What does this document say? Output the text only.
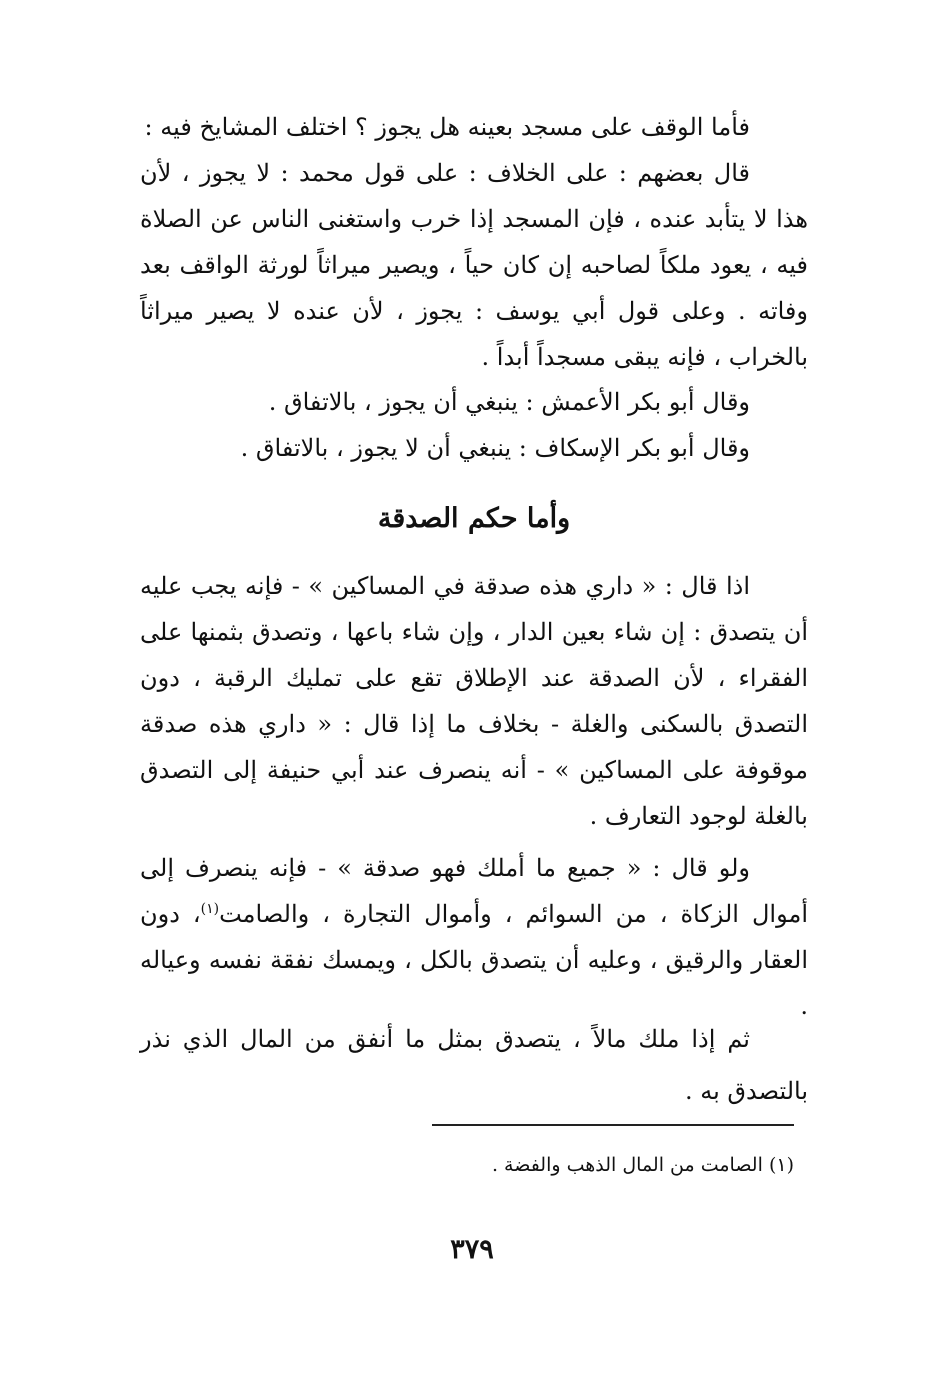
فأما الوقف على مسجد بعينه هل يجوز ؟ اختلف المشايخ فيه :

قال بعضهم : على الخلاف : على قول محمد : لا يجوز ، لأن هذا لا يتأبد عنده ، فإن المسجد إذا خرب واستغنى الناس عن الصلاة فيه ، يعود ملكاً لصاحبه إن كان حياً ، ويصير ميراثاً لورثة الواقف بعد وفاته . وعلى قول أبي يوسف : يجوز ، لأن عنده لا يصير ميراثاً بالخراب ، فإنه يبقى مسجداً أبداً .

وقال أبو بكر الأعمش : ينبغي أن يجوز ، بالاتفاق .

وقال أبو بكر الإسكاف : ينبغي أن لا يجوز ، بالاتفاق .

وأما حكم الصدقة

اذا قال : « داري هذه صدقة في المساكين » - فإنه يجب عليه أن يتصدق : إن شاء بعين الدار ، وإن شاء باعها ، وتصدق بثمنها على الفقراء ، لأن الصدقة عند الإطلاق تقع على تمليك الرقبة ، دون التصدق بالسكنى والغلة - بخلاف ما إذا قال : « داري هذه صدقة موقوفة على المساكين » - أنه ينصرف عند أبي حنيفة إلى التصدق بالغلة لوجود التعارف .

ولو قال : « جميع ما أملك فهو صدقة » - فإنه ينصرف إلى أموال الزكاة ، من السوائم ، وأموال التجارة ، والصامت$^{(١)}$، دون العقار والرقيق ، وعليه أن يتصدق بالكل ، ويمسك نفقة نفسه وعياله .

ثم إذا ملك مالاً ، يتصدق بمثل ما أنفق من المال الذي نذر بالتصدق به .

(١) الصامت من المال الذهب والفضة .
٣٧٩
